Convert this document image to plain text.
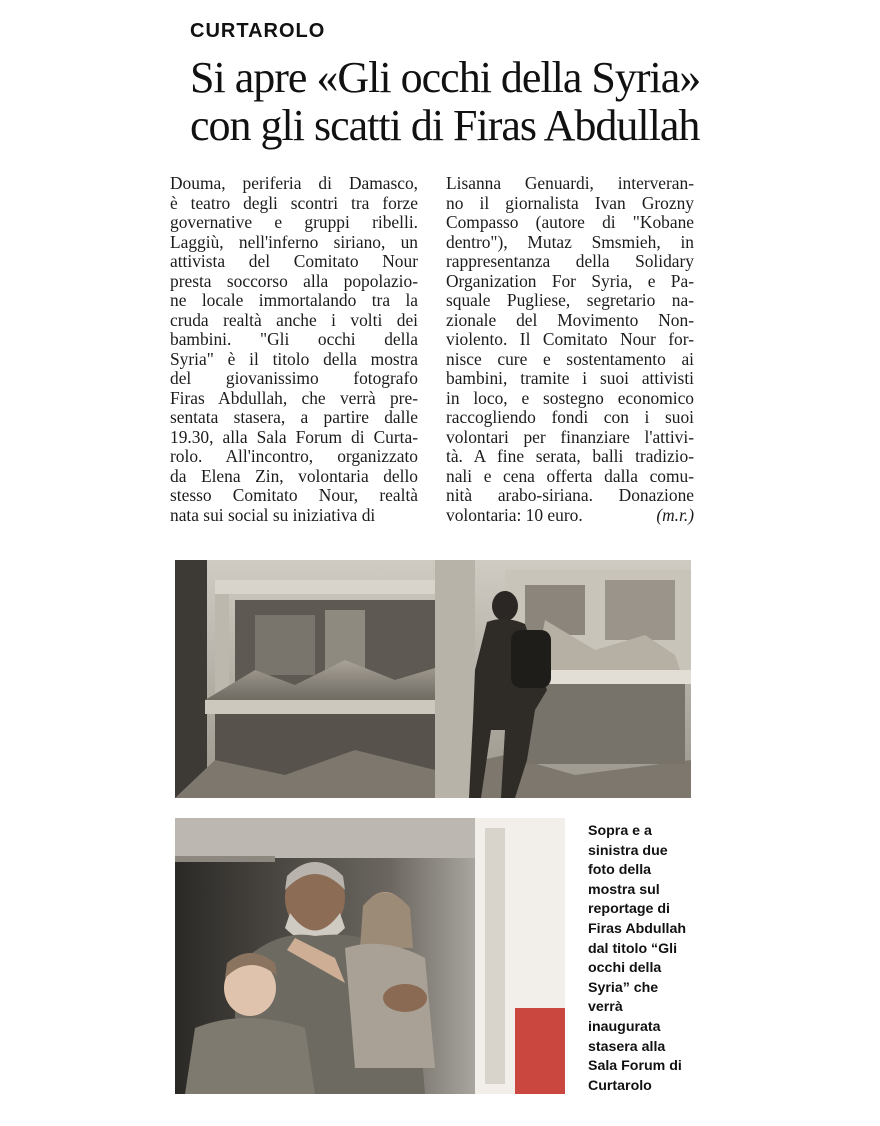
CURTAROLO
Si apre «Gli occhi della Syria»
con gli scatti di Firas Abdullah
Douma, periferia di Damasco,
è teatro degli scontri tra forze
governative e gruppi ribelli.
Laggiù, nell'inferno siriano, un
attivista del Comitato Nour
presta soccorso alla popolazio-
ne locale immortalando tra la
cruda realtà anche i volti dei
bambini. "Gli occhi della
Syria" è il titolo della mostra
del giovanissimo fotografo
Firas Abdullah, che verrà pre-
sentata stasera, a partire dalle
19.30, alla Sala Forum di Curta-
rolo. All'incontro, organizzato
da Elena Zin, volontaria dello
stesso Comitato Nour, realtà
nata sui social su iniziativa di
Lisanna Genuardi, interveran-
no il giornalista Ivan Grozny
Compasso (autore di "Kobane
dentro"), Mutaz Smsmieh, in
rappresentanza della Solidary
Organization For Syria, e Pa-
squale Pugliese, segretario na-
zionale del Movimento Non-
violento. Il Comitato Nour for-
nisce cure e sostentamento ai
bambini, tramite i suoi attivisti
in loco, e sostegno economico
raccogliendo fondi con i suoi
volontari per finanziare l'attivi-
tà. A fine serata, balli tradizio-
nali e cena offerta dalla comu-
nità arabo-siriana. Donazione
volontaria: 10 euro.	(m.r.)
Sopra e a
sinistra due
foto della
mostra sul
reportage di
Firas Abdullah
dal titolo “Gli
occhi della
Syria” che
verrà
inaugurata
stasera alla
Sala Forum di
Curtarolo
